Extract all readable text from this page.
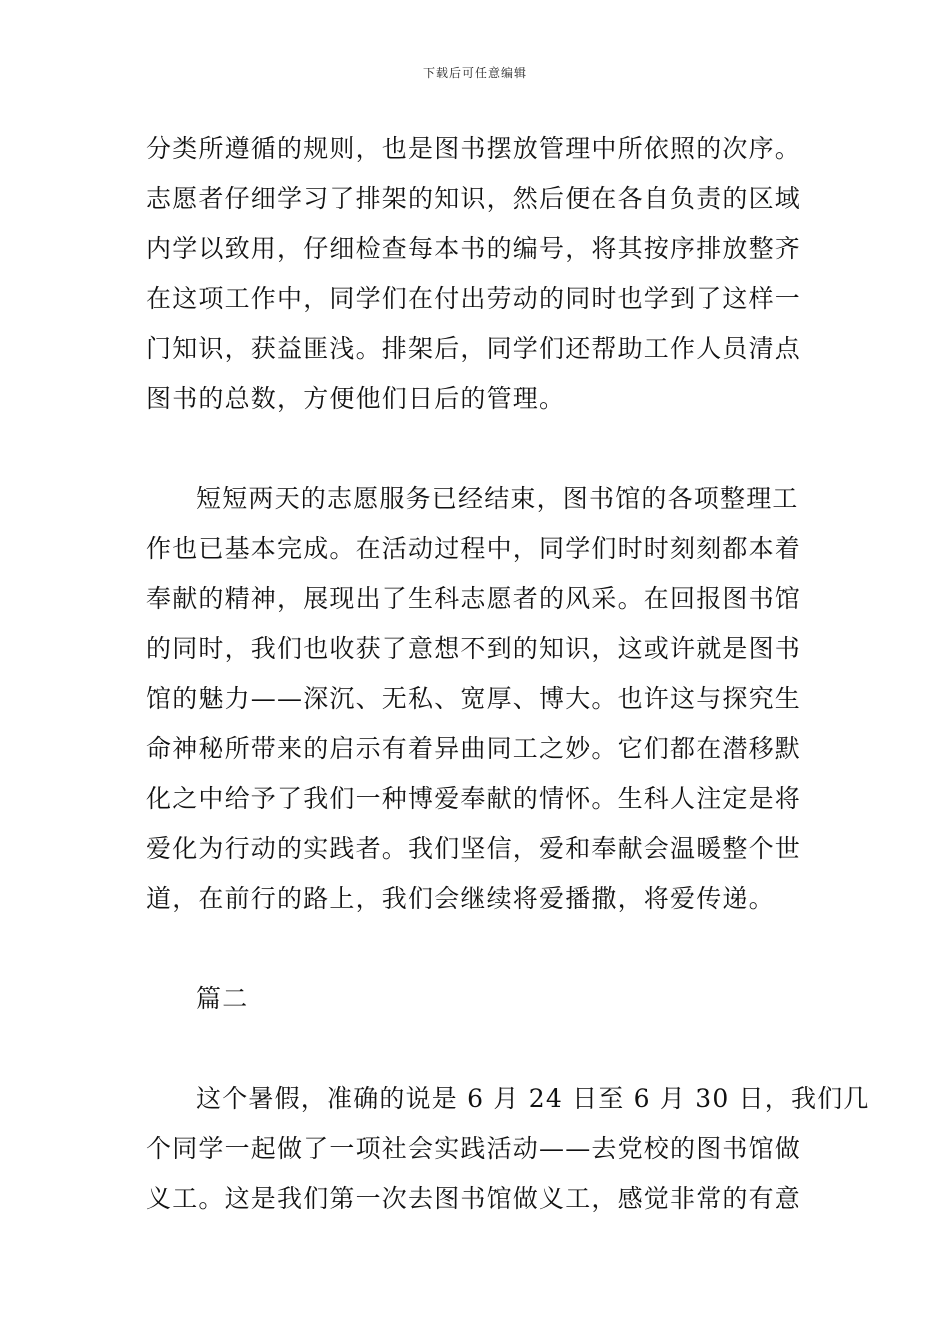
下载后可任意编辑
分类所遵循的规则，也是图书摆放管理中所依照的次序。
志愿者仔细学习了排架的知识，然后便在各自负责的区域
内学以致用，仔细检查每本书的编号，将其按序排放整齐
在这项工作中，同学们在付出劳动的同时也学到了这样一
门知识，获益匪浅。排架后，同学们还帮助工作人员清点
图书的总数，方便他们日后的管理。
短短两天的志愿服务已经结束，图书馆的各项整理工
作也已基本完成。在活动过程中，同学们时时刻刻都本着
奉献的精神，展现出了生科志愿者的风采。在回报图书馆
的同时，我们也收获了意想不到的知识，这或许就是图书
馆的魅力——深沉、无私、宽厚、博大。也许这与探究生
命神秘所带来的启示有着异曲同工之妙。它们都在潜移默
化之中给予了我们一种博爱奉献的情怀。生科人注定是将
爱化为行动的实践者。我们坚信，爱和奉献会温暖整个世
道，在前行的路上，我们会继续将爱播撒，将爱传递。
篇二
这个暑假，准确的说是 6 月 24 日至 6 月 30 日，我们几
个同学一起做了一项社会实践活动——去党校的图书馆做
义工。这是我们第一次去图书馆做义工，感觉非常的有意
